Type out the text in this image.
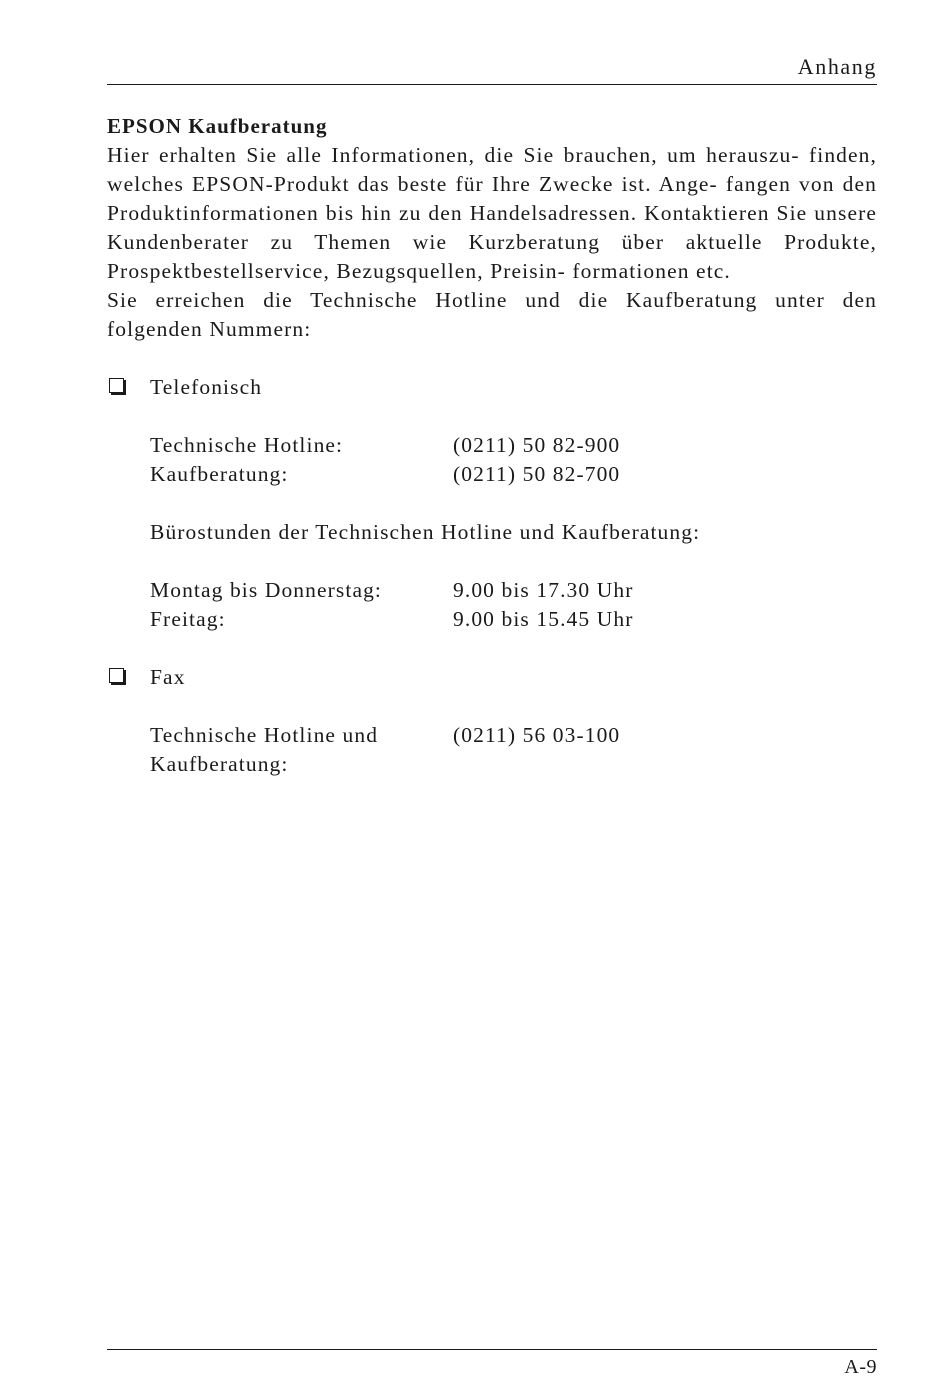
Anhang
EPSON Kaufberatung

Hier erhalten Sie alle Informationen, die Sie brauchen, um herauszu- finden, welches EPSON-Produkt das beste für Ihre Zwecke ist. Ange- fangen von den Produktinformationen bis hin zu den Handelsadressen. Kontaktieren Sie unsere Kundenberater zu Themen wie Kurzberatung über aktuelle Produkte, Prospektbestellservice, Bezugsquellen, Preisin- formationen etc.

Sie erreichen die Technische Hotline und die Kaufberatung unter den folgenden Nummern:

Telefonisch
Technische Hotline:	(0211) 50 82-900
Kaufberatung:	(0211) 50 82-700
Bürostunden der Technischen Hotline und Kaufberatung:
Montag bis Donnerstag:	9.00 bis 17.30 Uhr
Freitag:	9.00 bis 15.45 Uhr
Fax
Technische Hotline und	(0211) 56 03-100
Kaufberatung:
A-9
